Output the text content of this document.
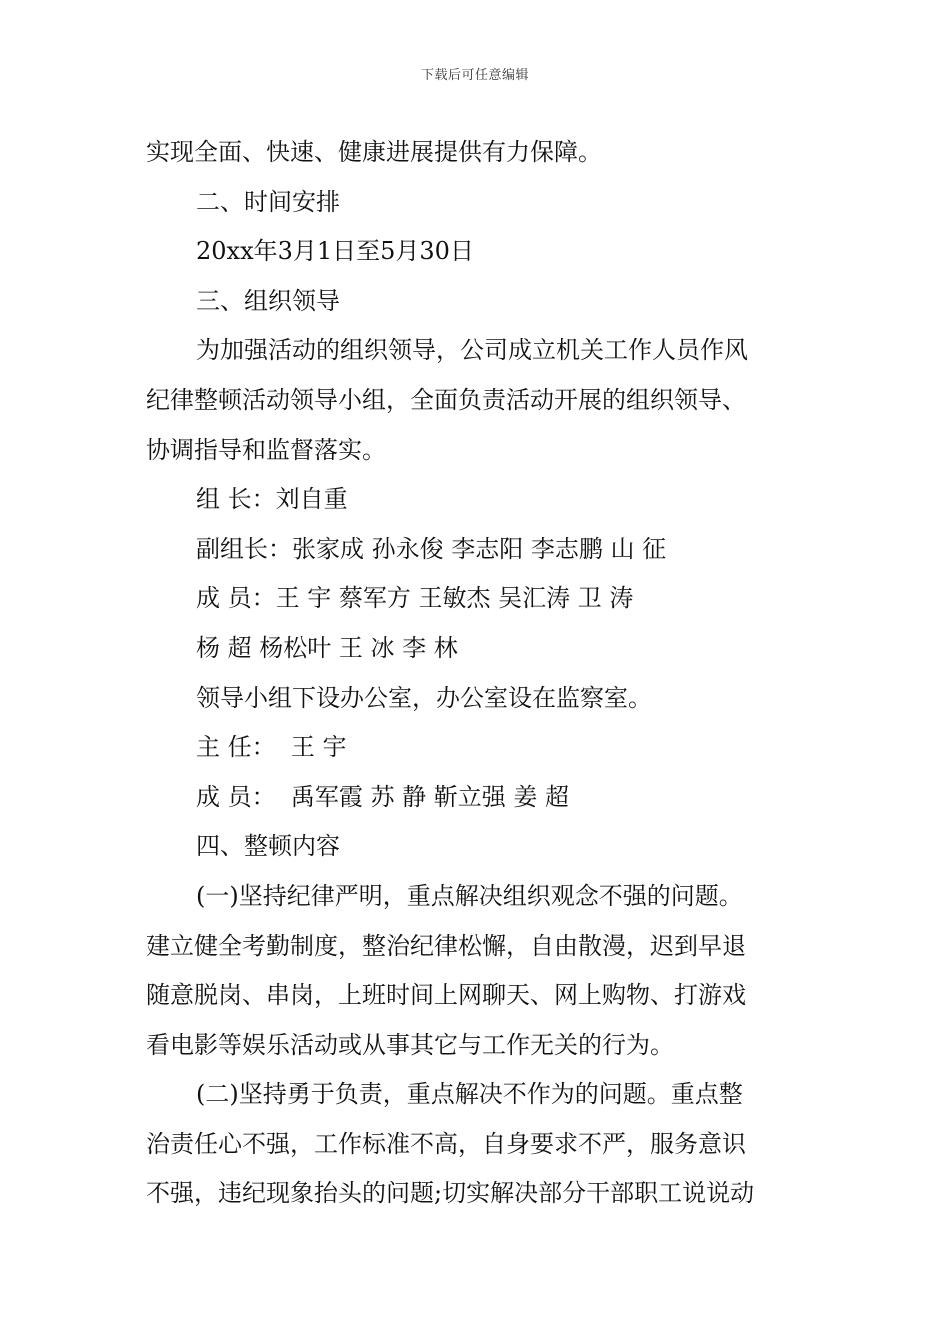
下载后可任意编辑
实现全面、快速、健康进展提供有力保障。
二、时间安排
20xx年3月1日至5月30日
三、组织领导
为加强活动的组织领导，公司成立机关工作人员作风
纪律整顿活动领导小组，全面负责活动开展的组织领导、
协调指导和监督落实。
组 长：刘自重
副组长：张家成 孙永俊 李志阳 李志鹏 山 征
成 员：王 宇 蔡军方 王敏杰 吴汇涛 卫 涛
杨 超 杨松叶 王 冰 李 林
领导小组下设办公室，办公室设在监察室。
主 任：  王 宇
成 员：  禹军霞 苏 静 靳立强 姜 超
四、整顿内容
(一)坚持纪律严明，重点解决组织观念不强的问题。
建立健全考勤制度，整治纪律松懈，自由散漫，迟到早退
随意脱岗、串岗，上班时间上网聊天、网上购物、打游戏
看电影等娱乐活动或从事其它与工作无关的行为。
(二)坚持勇于负责，重点解决不作为的问题。重点整
治责任心不强，工作标准不高，自身要求不严，服务意识
不强，违纪现象抬头的问题;切实解决部分干部职工说说动
